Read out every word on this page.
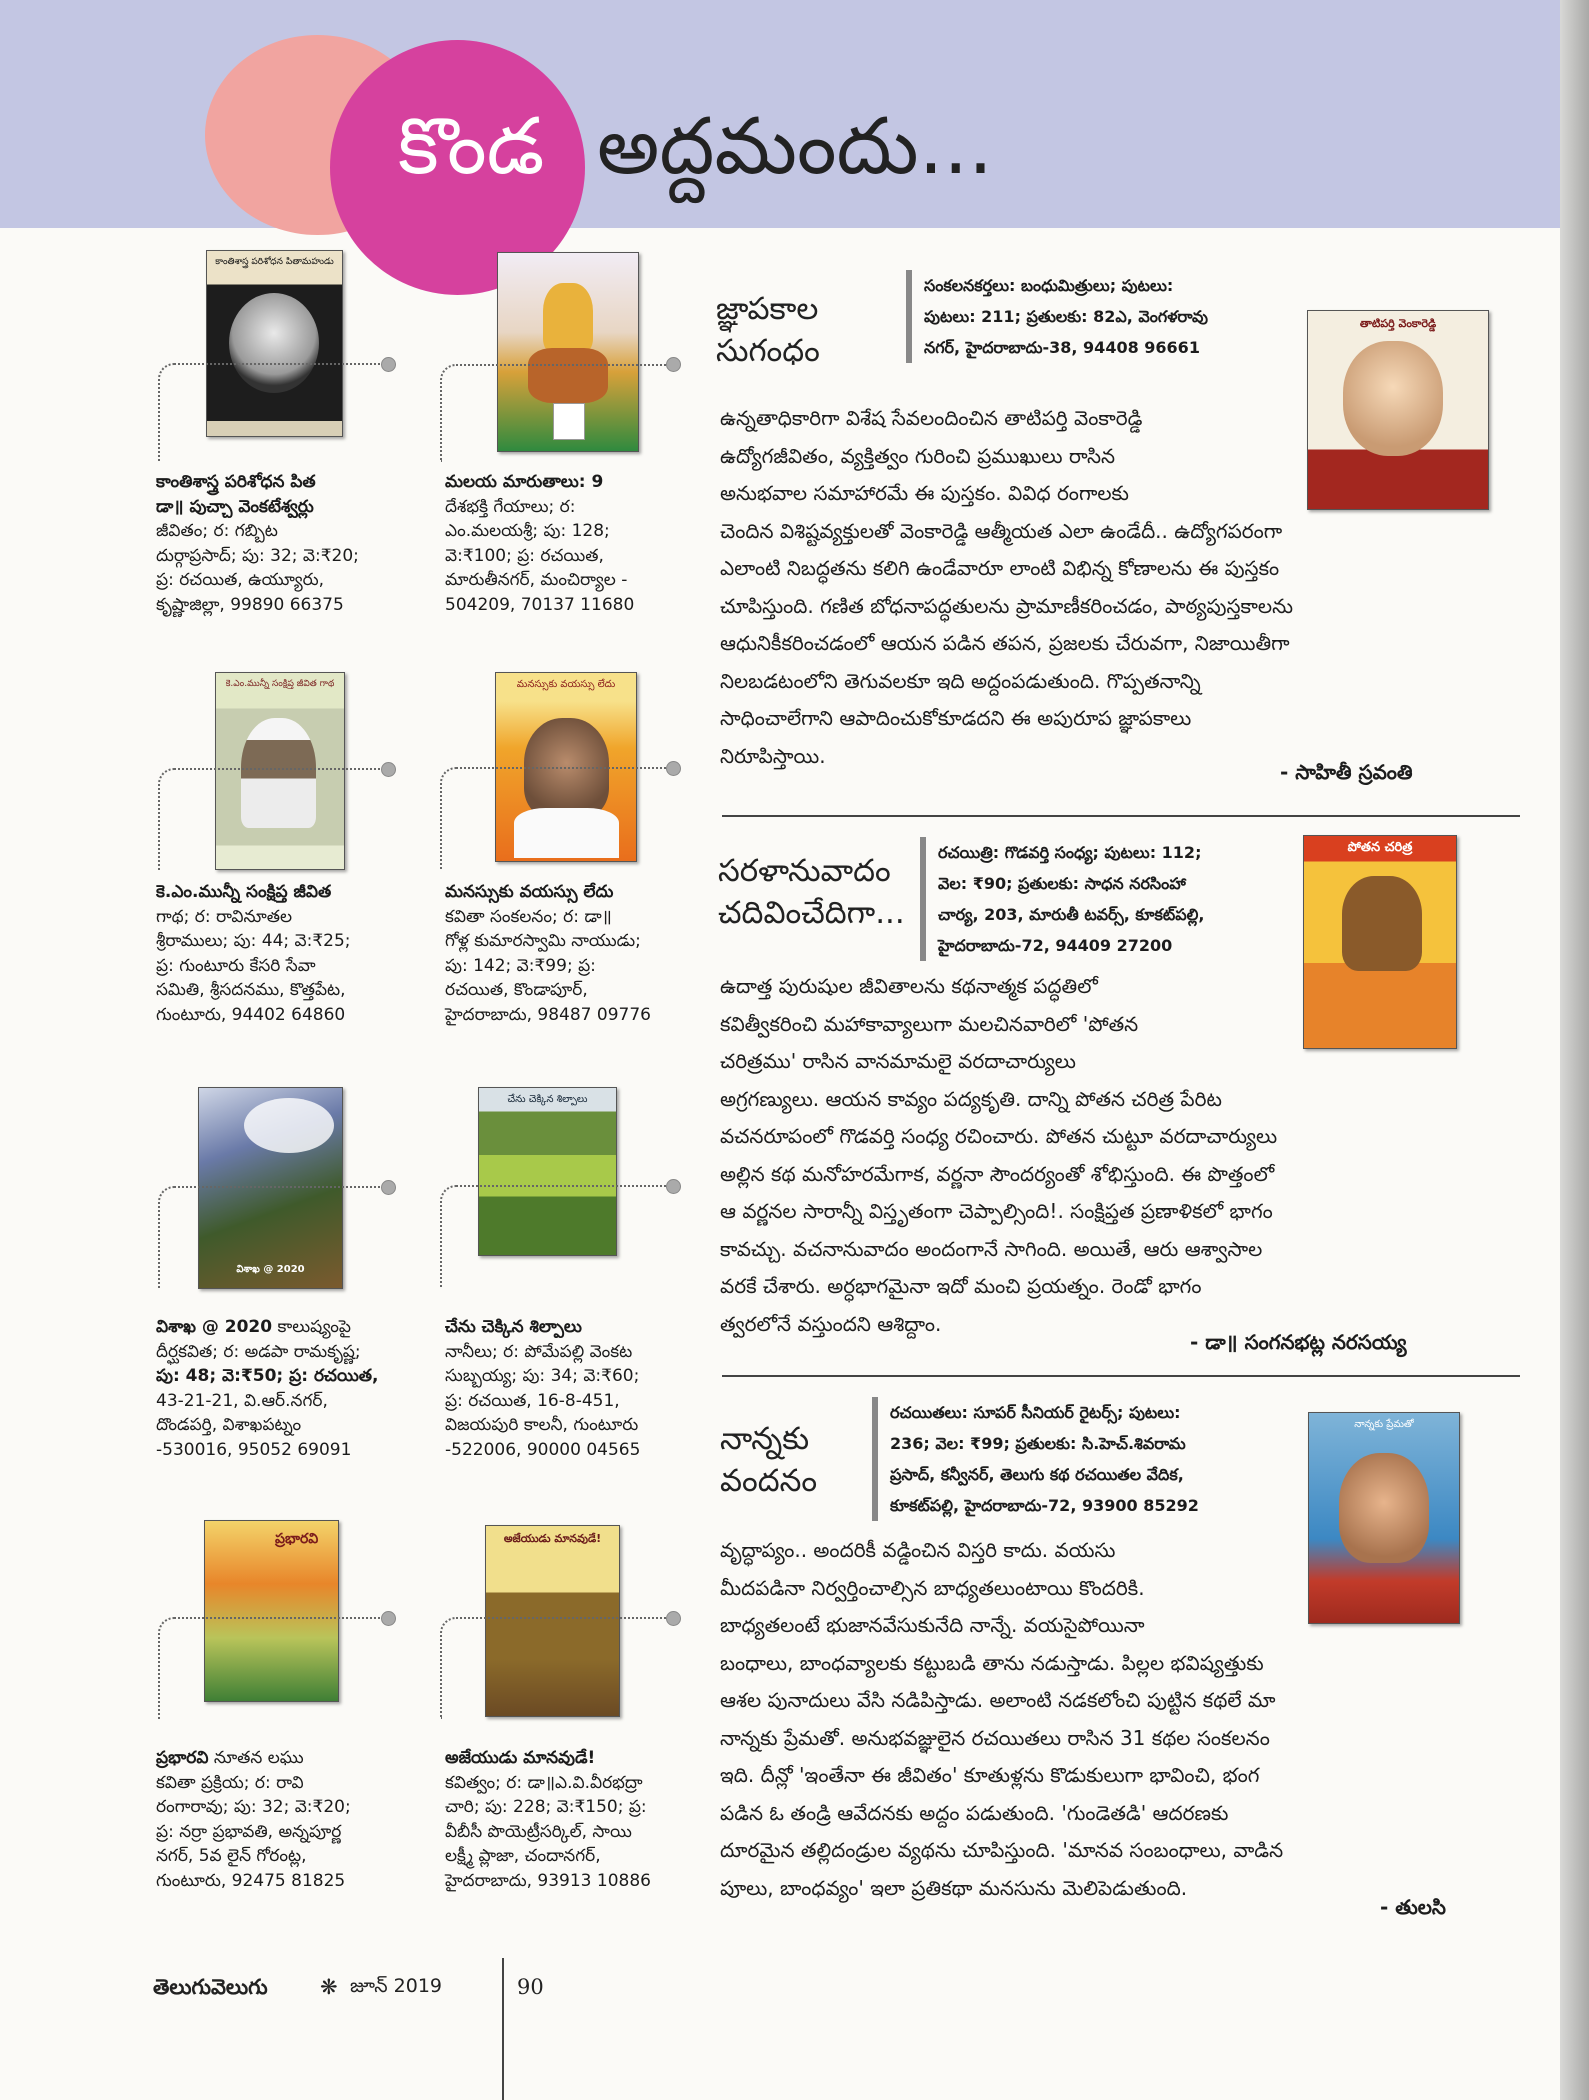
కొండ అద్దమందు...
కాంతిశాస్త్ర పరిశోధన పితామహుడు
కాంతిశాస్త్ర పరిశోధన పిత
డా॥ పుచ్చా వెంకటేశ్వర్లు
జీవితం; ర: గబ్బిట
దుర్గాప్రసాద్; పు: 32; వె:₹20;
ప్ర: రచయిత, ఉయ్యూరు,
కృష్ణాజిల్లా, 99890 66375
మలయ మారుతాలు: 9
దేశభక్తి గేయాలు; ర:
ఎం.మలయశ్రీ; పు: 128;
వె:₹100; ప్ర: రచయిత,
మారుతీనగర్, మంచిర్యాల -
504209, 70137 11680
కె.ఎం.మున్నీ సంక్షిప్త జీవిత గాథ
కె.ఎం.మున్నీ సంక్షిప్త జీవిత
గాథ; ర: రావినూతల
శ్రీరాములు; పు: 44; వె:₹25;
ప్ర: గుంటూరు కేసరి సేవా
సమితి, శ్రీసదనము, కొత్తపేట,
గుంటూరు, 94402 64860
మనస్సుకు వయస్సు లేదు
మనస్సుకు వయస్సు లేదు
కవితా సంకలనం; ర: డా॥
గోళ్ల కుమారస్వామి నాయుడు;
పు: 142; వె:₹99; ప్ర:
రచయిత, కొండాపూర్,
హైదరాబాదు, 98487 09776
విశాఖ @ 2020
విశాఖ @ 2020 కాలుష్యంపై
దీర్ఘకవిత; ర: అడపా రామకృష్ణ;
పు: 48; వె:₹50; ప్ర: రచయిత,
43-21-21, వి.ఆర్.నగర్,
దొండపర్తి, విశాఖపట్నం
-530016, 95052 69091
చేను చెక్కిన శిల్పాలు
చేను చెక్కిన శిల్పాలు
నానీలు; ర: పోమేపల్లి వెంకట
సుబ్బయ్య; పు: 34; వె:₹60;
ప్ర: రచయిత, 16-8-451,
విజయపురి కాలనీ, గుంటూరు
-522006, 90000 04565
ప్రభారవి
ప్రభారవి నూతన లఘు
కవితా ప్రక్రియ; ర: రావి
రంగారావు; పు: 32; వె:₹20;
ప్ర: నర్రా ప్రభావతి, అన్నపూర్ణ
నగర్, 5వ లైన్ గోరంట్ల,
గుంటూరు, 92475 81825
అజేయుడు మానవుడే!
అజేయుడు మానవుడే!
కవిత్వం; ర: డా॥ఎ.వి.వీరభద్రా
చారి; పు: 228; వె:₹150; ప్ర:
వీబీసీ పొయెట్రీసర్కిల్, సాయి
లక్ష్మీ ప్లాజా, చందానగర్,
హైదరాబాదు, 93913 10886
జ్ఞాపకాల
సుగంధం
సంకలనకర్తలు: బంధుమిత్రులు; పుటలు:
పుటలు: 211; ప్రతులకు: 82ఎ, వెంగళరావు
నగర్, హైదరాబాదు-38, 94408 96661
తాటిపర్తి వెంకారెడ్డి
ఉన్నతాధికారిగా విశేష సేవలందించిన తాటిపర్తి వెంకారెడ్డి
ఉద్యోగజీవితం, వ్యక్తిత్వం గురించి ప్రముఖులు రాసిన
అనుభవాల సమాహారమే ఈ పుస్తకం. వివిధ రంగాలకు
చెందిన విశిష్టవ్యక్తులతో వెంకారెడ్డి ఆత్మీయత ఎలా ఉండేదీ.. ఉద్యోగపరంగా
ఎలాంటి నిబద్ధతను కలిగి ఉండేవారూ లాంటి విభిన్న కోణాలను ఈ పుస్తకం
చూపిస్తుంది. గణిత బోధనాపద్ధతులను ప్రామాణీకరించడం, పాఠ్యపుస్తకాలను
ఆధునికీకరించడంలో ఆయన పడిన తపన, ప్రజలకు చేరువగా, నిజాయితీగా
నిలబడటంలోని తెగువలకూ ఇది అద్దంపడుతుంది. గొప్పతనాన్ని
సాధించాలేగాని ఆపాదించుకోకూడదని ఈ అపురూప జ్ఞాపకాలు
నిరూపిస్తాయి.
- సాహితీ స్రవంతి
సరళానువాదం
చదివించేదిగా...
రచయిత్రి: గొడవర్తి సంధ్య; పుటలు: 112;
వెల: ₹90; ప్రతులకు: సాధన నరసింహా
చార్య, 203, మారుతీ టవర్స్, కూకట్‌పల్లి,
హైదరాబాదు-72, 94409 27200
పోతన చరిత్ర
ఉదాత్త పురుషుల జీవితాలను కథనాత్మక పద్ధతిలో
కవిత్వీకరించి మహాకావ్యాలుగా మలచినవారిలో 'పోతన
చరిత్రము' రాసిన వానమామలై వరదాచార్యులు
అగ్రగణ్యులు. ఆయన కావ్యం పద్యకృతి. దాన్ని పోతన చరిత్ర పేరిట
వచనరూపంలో గొడవర్తి సంధ్య రచించారు. పోతన చుట్టూ వరదాచార్యులు
అల్లిన కథ మనోహరమేగాక, వర్ణనా సౌందర్యంతో శోభిస్తుంది. ఈ పొత్తంలో
ఆ వర్ణనల సారాన్నీ విస్తృతంగా చెప్పాల్సింది!. సంక్షిప్తత ప్రణాళికలో భాగం
కావచ్చు. వచనానువాదం అందంగానే సాగింది. అయితే, ఆరు ఆశ్వాసాల
వరకే చేశారు. అర్ధభాగమైనా ఇదో మంచి ప్రయత్నం. రెండో భాగం
త్వరలోనే వస్తుందని ఆశిద్దాం.
- డా॥ సంగనభట్ల నరసయ్య
నాన్నకు
వందనం
రచయితలు: సూపర్ సీనియర్ రైటర్స్; పుటలు:
236; వెల: ₹99; ప్రతులకు: సి.హెచ్.శివరామ
ప్రసాద్, కన్వీనర్, తెలుగు కథ రచయితల వేదిక,
కూకట్‌పల్లి, హైదరాబాదు-72, 93900 85292
నాన్నకు ప్రేమతో
వృద్ధాప్యం.. అందరికీ వడ్డించిన విస్తరి కాదు. వయసు
మీదపడినా నిర్వర్తించాల్సిన బాధ్యతలుంటాయి కొందరికి.
బాధ్యతలంటే భుజానవేసుకునేది నాన్నే. వయసైపోయినా
బంధాలు, బాంధవ్యాలకు కట్టుబడి తాను నడుస్తాడు. పిల్లల భవిష్యత్తుకు
ఆశల పునాదులు వేసి నడిపిస్తాడు. అలాంటి నడకలోంచి పుట్టిన కథలే మా
నాన్నకు ప్రేమతో. అనుభవజ్ఞులైన రచయితలు రాసిన 31 కథల సంకలనం
ఇది. దీన్లో 'ఇంతేనా ఈ జీవితం' కూతుళ్లను కొడుకులుగా భావించి, భంగ
పడిన ఓ తండ్రి ఆవేదనకు అద్దం పడుతుంది. 'గుండెతడి' ఆదరణకు
దూరమైన తల్లిదండ్రుల వ్యథను చూపిస్తుంది. 'మానవ సంబంధాలు, వాడిన
పూలు, బాంధవ్యం' ఇలా ప్రతికథా మనసును మెలిపెడుతుంది.
- తులసి
తెలుగువెలుగు ❋ జూన్ 2019	90
